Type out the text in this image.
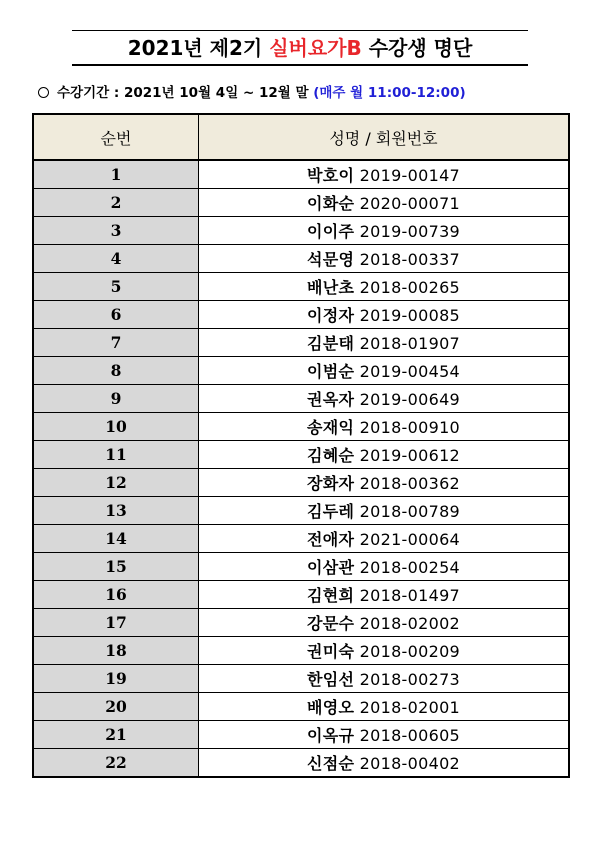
2021년 제2기 실버요가B 수강생 명단
수강기간 : 2021년 10월 4일 ~ 12월 말 (매주 월 11:00-12:00)
순번	성명 / 회원번호
1	박호이 2019-00147
2	이화순 2020-00071
3	이이주 2019-00739
4	석문영 2018-00337
5	배난초 2018-00265
6	이정자 2019-00085
7	김분태 2018-01907
8	이범순 2019-00454
9	권옥자 2019-00649
10	송재익 2018-00910
11	김혜순 2019-00612
12	장화자 2018-00362
13	김두레 2018-00789
14	전애자 2021-00064
15	이삼관 2018-00254
16	김현희 2018-01497
17	강문수 2018-02002
18	권미숙 2018-00209
19	한임선 2018-00273
20	배영오 2018-02001
21	이옥규 2018-00605
22	신점순 2018-00402
